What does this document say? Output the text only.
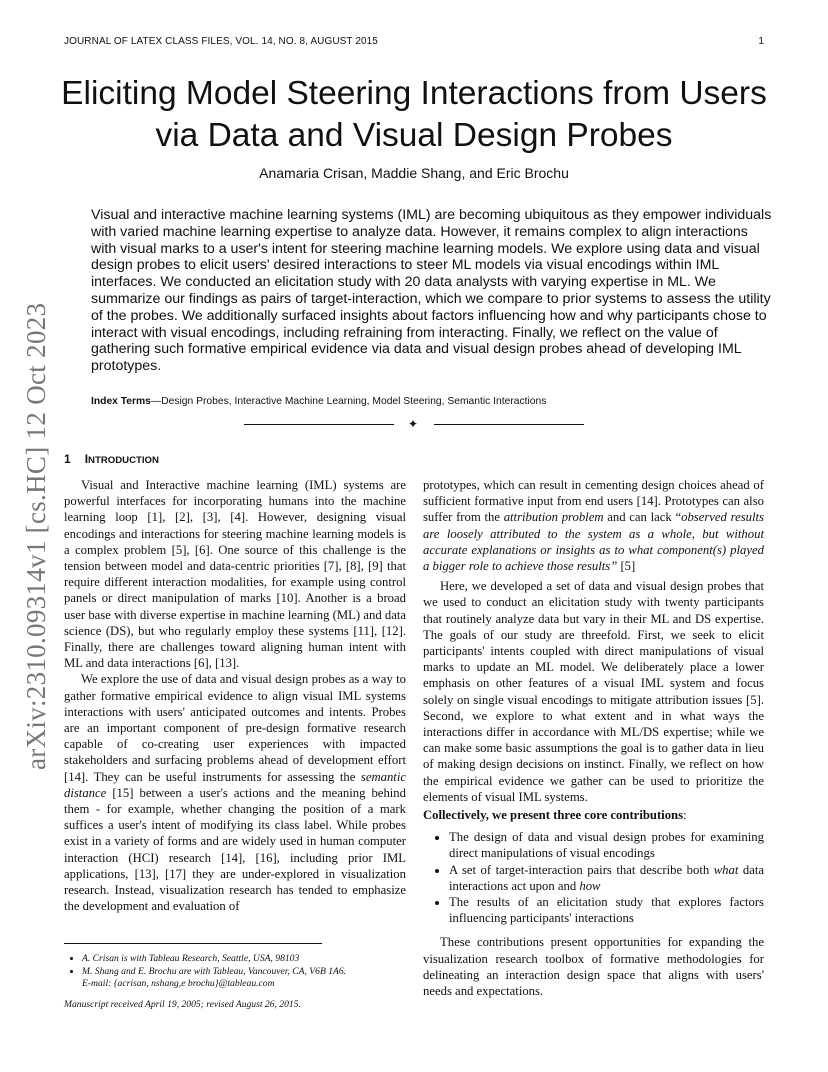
JOURNAL OF LATEX CLASS FILES, VOL. 14, NO. 8, AUGUST 2015	1
Eliciting Model Steering Interactions from Users
via Data and Visual Design Probes
Anamaria Crisan, Maddie Shang, and Eric Brochu
Visual and interactive machine learning systems (IML) are becoming ubiquitous as they empower individuals with varied machine learning expertise to analyze data. However, it remains complex to align interactions with visual marks to a user's intent for steering machine learning models. We explore using data and visual design probes to elicit users' desired interactions to steer ML models via visual encodings within IML interfaces. We conducted an elicitation study with 20 data analysts with varying expertise in ML. We summarize our findings as pairs of target-interaction, which we compare to prior systems to assess the utility of the probes. We additionally surfaced insights about factors influencing how and why participants chose to interact with visual encodings, including refraining from interacting. Finally, we reflect on the value of gathering such formative empirical evidence via data and visual design probes ahead of developing IML prototypes.
Index Terms—Design Probes, Interactive Machine Learning, Model Steering, Semantic Interactions
✦
arXiv:2310.09314v1 [cs.HC] 12 Oct 2023 1 INTRODUCTION

Visual and Interactive machine learning (IML) systems are powerful interfaces for incorporating humans into the machine learning loop [1], [2], [3], [4]. However, designing visual encodings and interactions for steering machine learning models is a complex problem [5], [6]. One source of this challenge is the tension between model and data-centric priorities [7], [8], [9] that require different interaction modalities, for example using control panels or direct manipulation of marks [10]. Another is a broad user base with diverse expertise in machine learning (ML) and data science (DS), but who regularly employ these systems [11], [12]. Finally, there are challenges toward aligning human intent with ML and data interactions [6], [13].

We explore the use of data and visual design probes as a way to gather formative empirical evidence to align visual IML systems interactions with users' anticipated outcomes and intents. Probes are an important component of pre-design formative research capable of co-creating user experiences with impacted stakeholders and surfacing problems ahead of development effort [14]. They can be useful instruments for assessing the semantic distance [15] between a user's actions and the meaning behind them - for example, whether changing the position of a mark suffices a user's intent of modifying its class label. While probes exist in a variety of forms and are widely used in human computer interaction (HCI) research [14], [16], including prior IML applications, [13], [17] they are under-explored in visualization research. Instead, visualization research has tended to emphasize the development and evaluation of

prototypes, which can result in cementing design choices ahead of sufficient formative input from end users [14]. Prototypes can also suffer from the attribution problem and can lack “observed results are loosely attributed to the system as a whole, but without accurate explanations or insights as to what component(s) played a bigger role to achieve those results” [5]

Here, we developed a set of data and visual design probes that we used to conduct an elicitation study with twenty participants that routinely analyze data but vary in their ML and DS expertise. The goals of our study are threefold. First, we seek to elicit participants' intents coupled with direct manipulations of visual marks to update an ML model. We deliberately place a lower emphasis on other features of a visual IML system and focus solely on single visual encodings to mitigate attribution issues [5]. Second, we explore to what extent and in what ways the interactions differ in accordance with ML/DS expertise; while we can make some basic assumptions the goal is to gather data in lieu of making design decisions on instinct. Finally, we reflect on how the empirical evidence we gather can be used to prioritize the elements of visual IML systems.

Collectively, we present three core contributions:

• The design of data and visual design probes for examining direct manipulations of visual encodings
• A set of target-interaction pairs that describe both what data interactions act upon and how
• The results of an elicitation study that explores factors influencing participants' interactions

These contributions present opportunities for expanding the visualization research toolbox of formative methodologies for delineating an interaction design space that aligns with users' needs and expectations.

• A. Crisan is with Tableau Research, Seattle, USA, 98103
• M. Shang and E. Brochu are with Tableau, Vancouver, CA, V6B 1A6.
E-mail: {acrisan, nshang,e brochu}@tableau.com
Manuscript received April 19, 2005; revised August 26, 2015.
